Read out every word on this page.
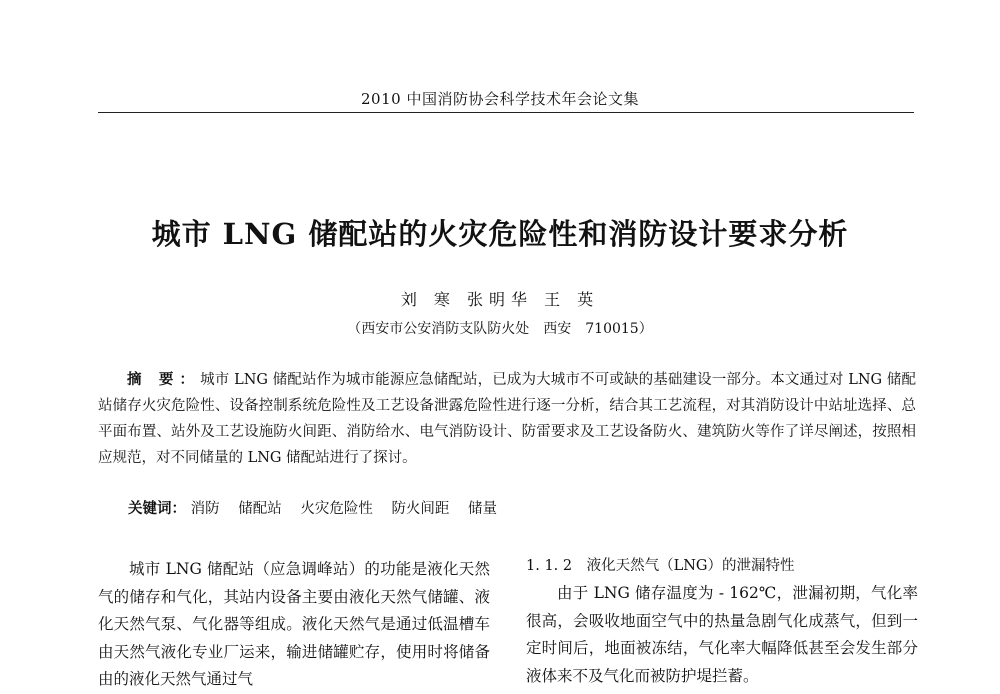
2010 中国消防协会科学技术年会论文集
城市 LNG 储配站的火灾危险性和消防设计要求分析
刘 寒 张明华 王 英
（西安市公安消防支队防火处　西安　710015）
摘 要：城市 LNG 储配站作为城市能源应急储配站，已成为大城市不可或缺的基础建设一部分。本文通过对 LNG 储配站储存火灾危险性、设备控制系统危险性及工艺设备泄露危险性进行逐一分析，结合其工艺流程，对其消防设计中站址选择、总平面布置、站外及工艺设施防火间距、消防给水、电气消防设计、防雷要求及工艺设备防火、建筑防火等作了详尽阐述，按照相应规范，对不同储量的 LNG 储配站进行了探讨。
关键词： 消防 储配站 火灾危险性 防火间距 储量
城市 LNG 储配站（应急调峰站）的功能是液化天然气的储存和气化，其站内设备主要由液化天然气储罐、液化天然气泵、气化器等组成。液化天然气是通过低温槽车由天然气液化专业厂运来，输进储罐贮存，使用时将储备由的液化天然气通过气
1. 1. 2　液化天然气（LNG）的泄漏特性
由于 LNG 储存温度为 - 162℃，泄漏初期，气化率很高，会吸收地面空气中的热量急剧气化成蒸气，但到一定时间后，地面被冻结，气化率大幅降低甚至会发生部分液体来不及气化而被防护堤拦蓄。
